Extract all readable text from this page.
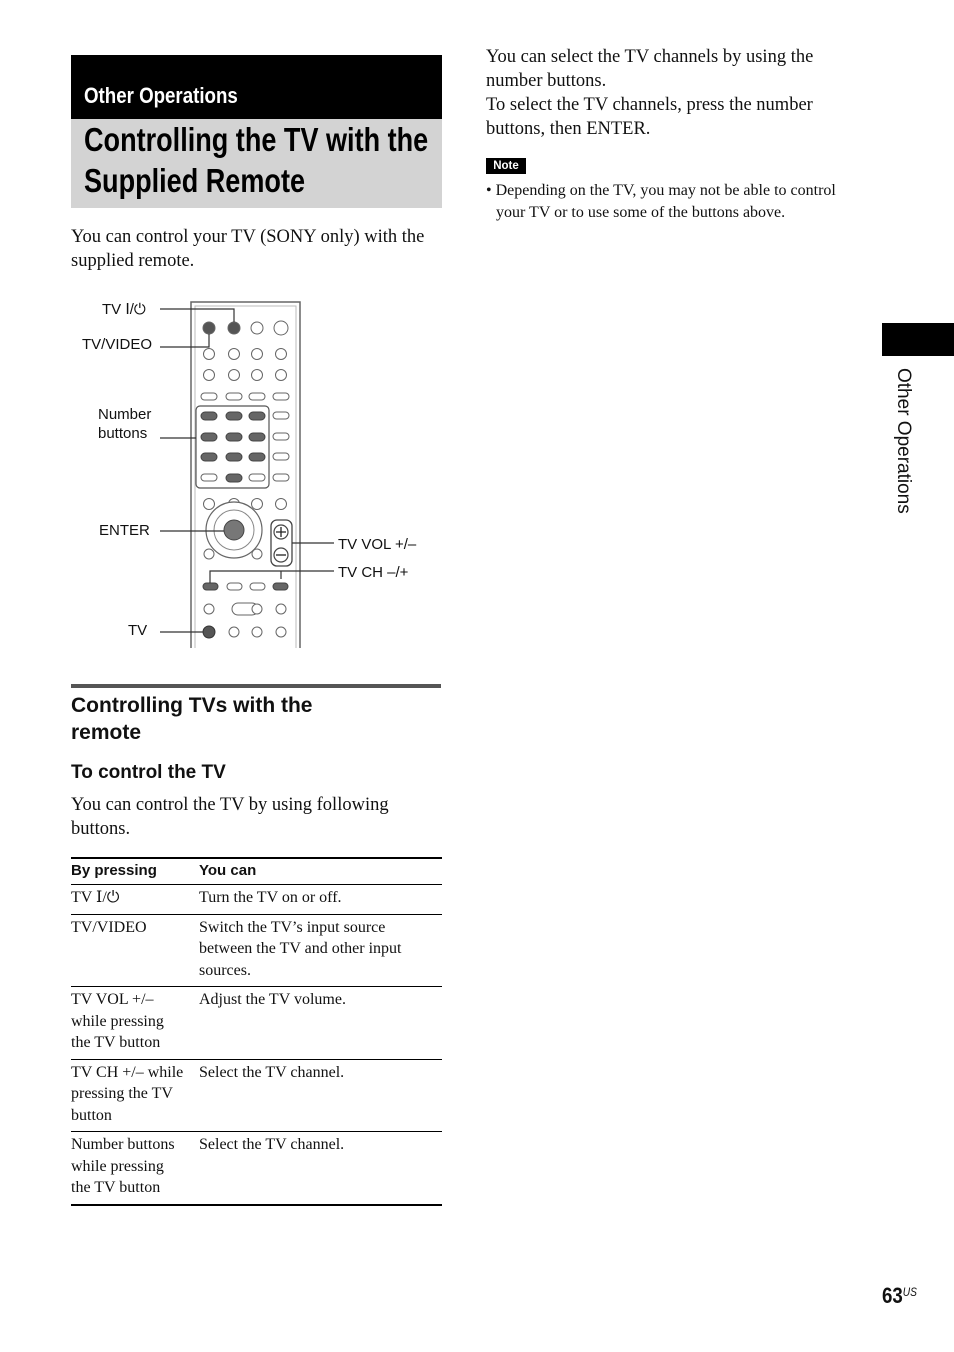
Other Operations
Controlling the TV with the
Supplied Remote
You can control your TV (SONY only) with the
supplied remote.
TV Ⅰ/⏻
TV/VIDEO
Number
buttons
ENTER
TV
TV VOL +/–
TV CH –/+
Controlling TVs with the
remote
To control the TV
You can control the TV by using following
buttons.
By pressing	You can

TV Ⅰ/⏻	Turn the TV on or off.

TV/VIDEO	Switch the TV’s input source
between the TV and other input
sources.

TV VOL +/–
while pressing
the TV button	Adjust the TV volume.

TV CH +/– while
pressing the TV
button	Select the TV channel.

Number buttons
while pressing
the TV button	Select the TV channel.
You can select the TV channels by using the
number buttons.
To select the TV channels, press the number
buttons, then ENTER.
Note
• Depending on the TV, you may not be able to control
your TV or to use some of the buttons above.
Other Operations
$63^{US}$
